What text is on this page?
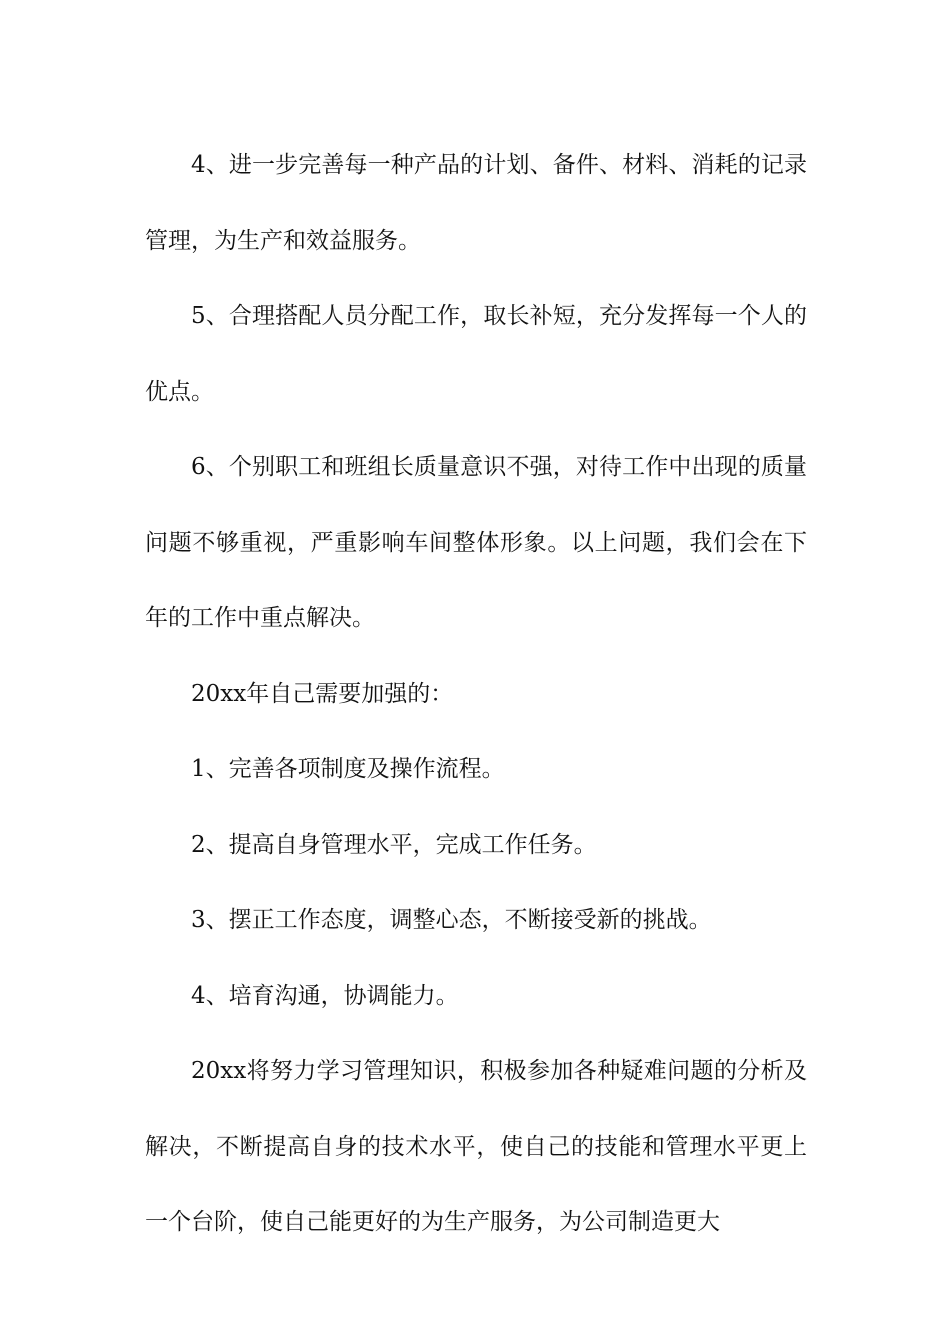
4、进一步完善每一种产品的计划、备件、材料、消耗的记录管理，为生产和效益服务。

5、合理搭配人员分配工作，取长补短，充分发挥每一个人的优点。

6、个别职工和班组长质量意识不强，对待工作中出现的质量问题不够重视，严重影响车间整体形象。以上问题，我们会在下年的工作中重点解决。

20xx年自己需要加强的：

1、完善各项制度及操作流程。

2、提高自身管理水平，完成工作任务。

3、摆正工作态度，调整心态，不断接受新的挑战。

4、培育沟通，协调能力。

20xx将努力学习管理知识，积极参加各种疑难问题的分析及解决，不断提高自身的技术水平，使自己的技能和管理水平更上一个台阶，使自己能更好的为生产服务，为公司制造更大
